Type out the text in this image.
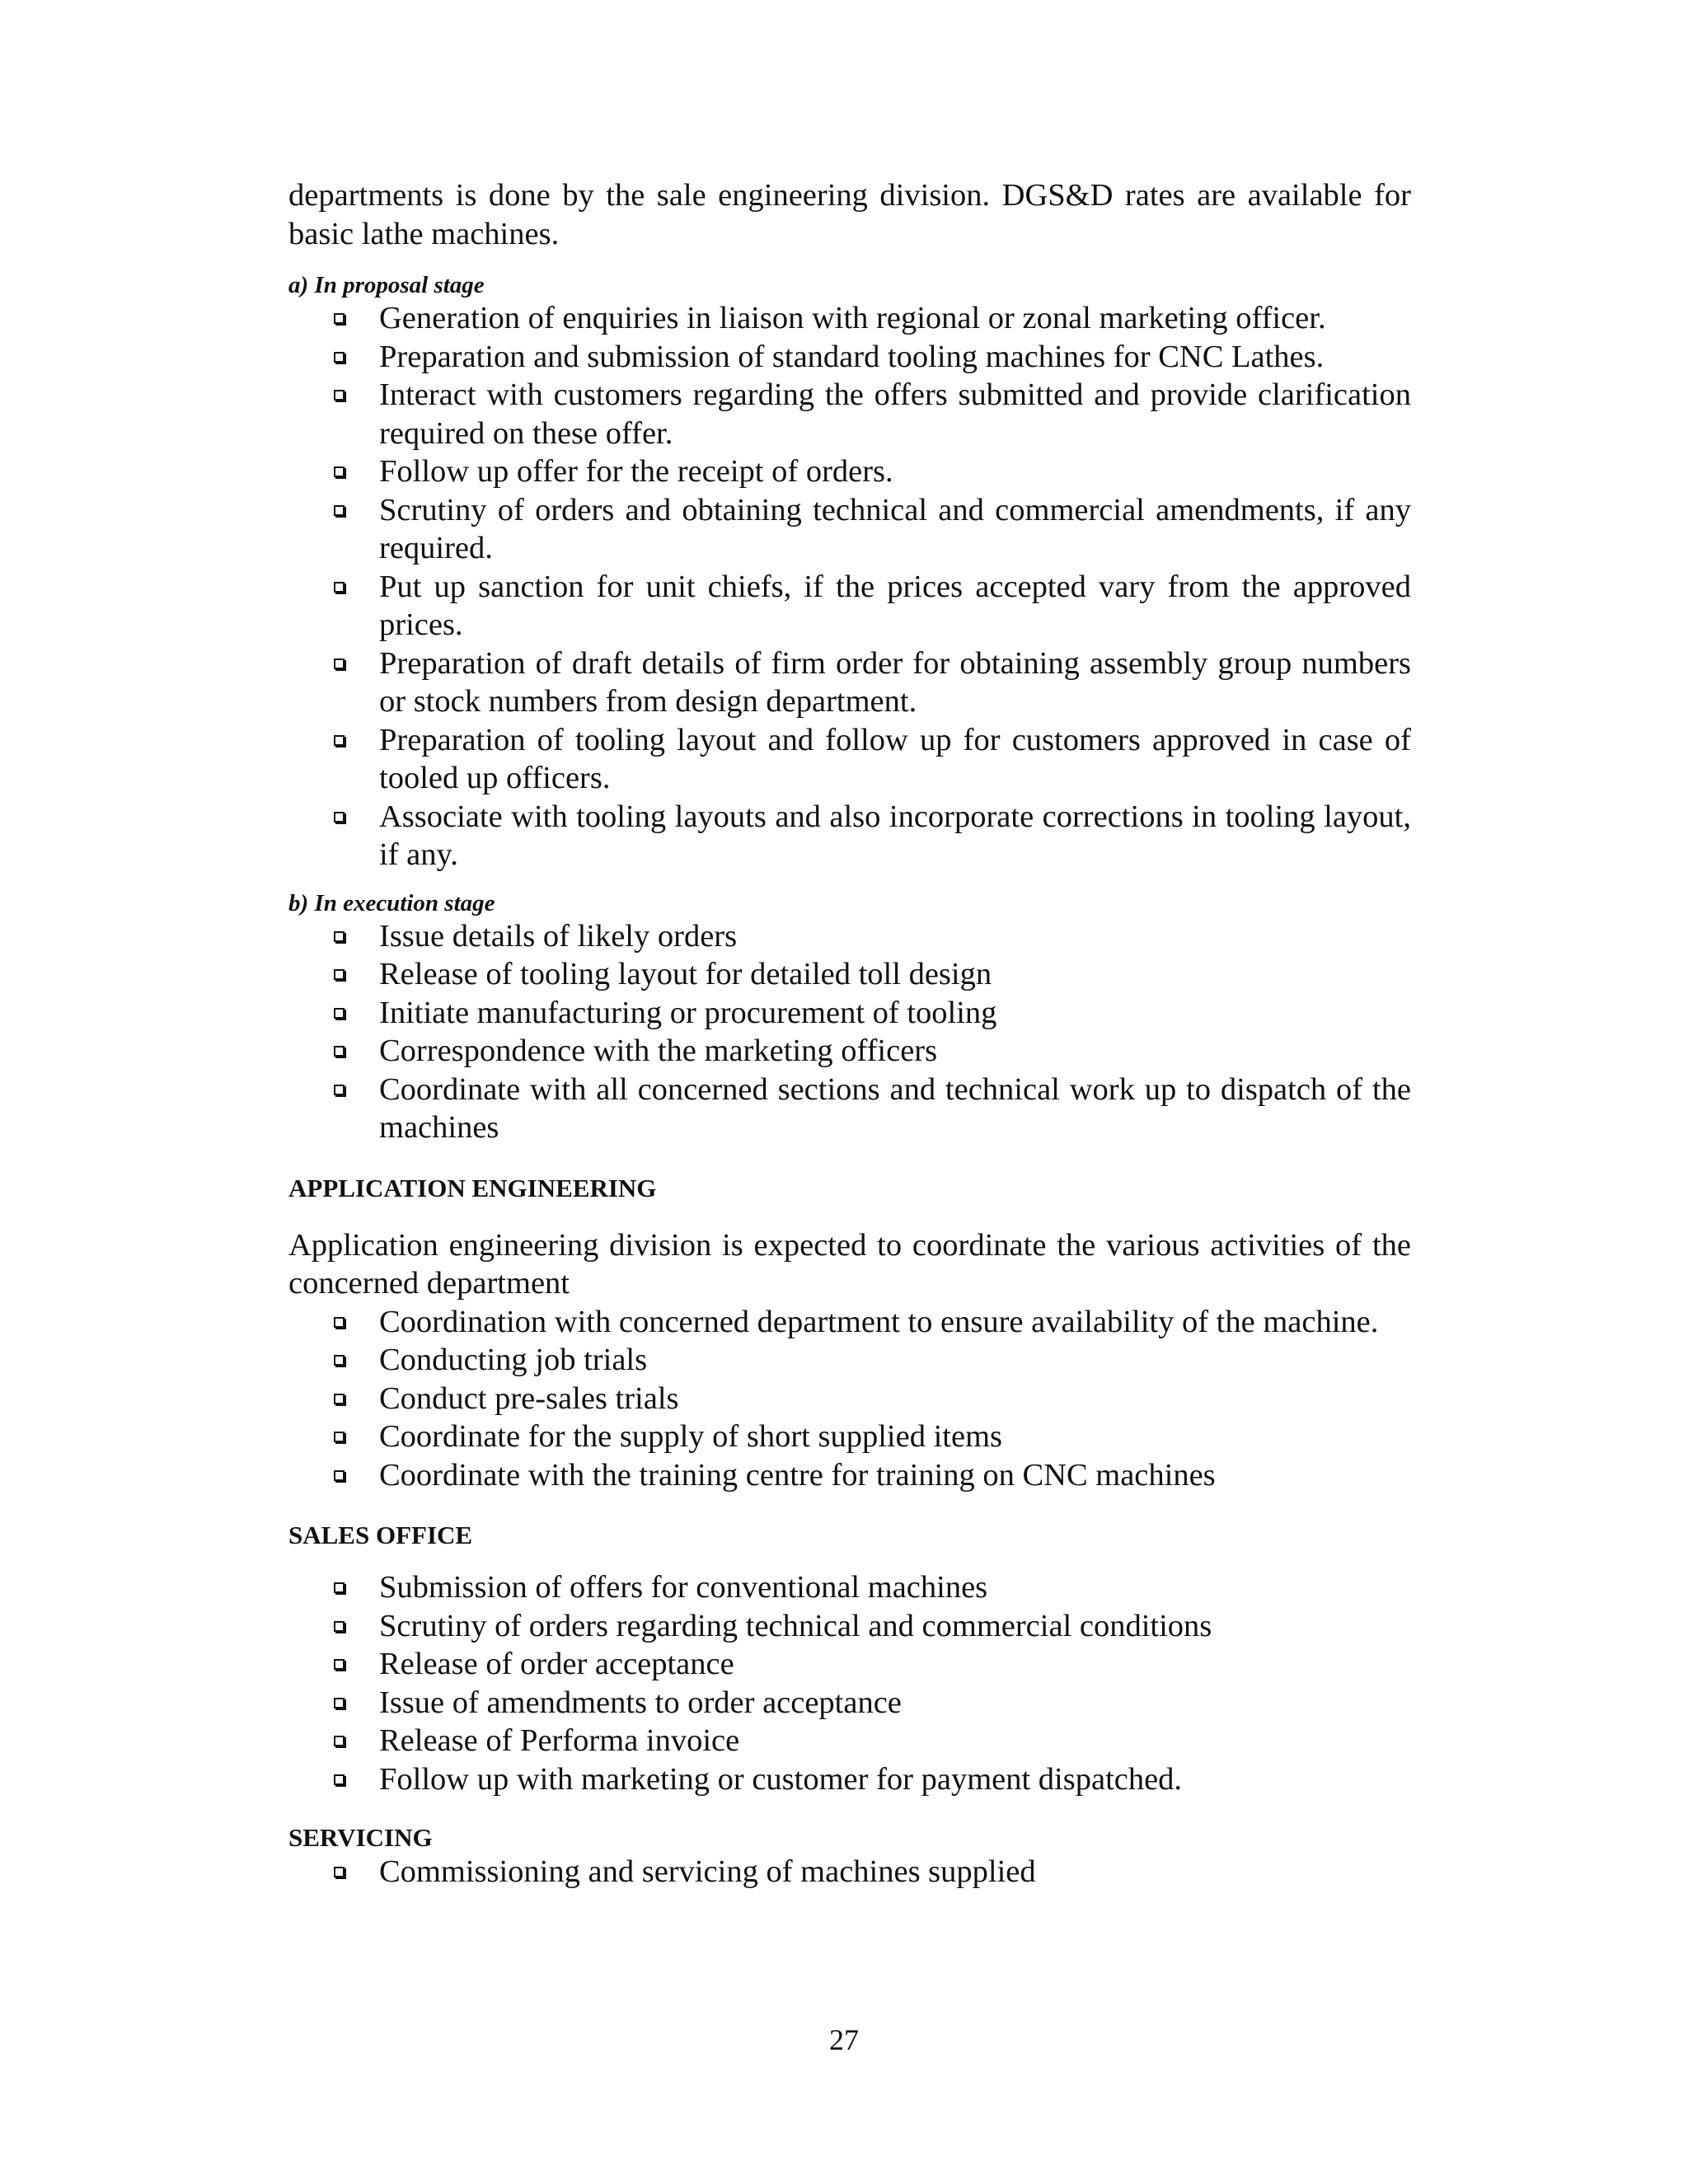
departments is done by the sale engineering division. DGS&D rates are available for basic lathe machines.

a) In proposal stage

Generation of enquiries in liaison with regional or zonal marketing officer.
Preparation and submission of standard tooling machines for CNC Lathes.
Interact with customers regarding the offers submitted and provide clarification required on these offer.
Follow up offer for the receipt of orders.
Scrutiny of orders and obtaining technical and commercial amendments, if any required.
Put up sanction for unit chiefs, if the prices accepted vary from the approved prices.
Preparation of draft details of firm order for obtaining assembly group numbers or stock numbers from design department.
Preparation of tooling layout and follow up for customers approved in case of tooled up officers.
Associate with tooling layouts and also incorporate corrections in tooling layout, if any.

b) In execution stage

Issue details of likely orders
Release of tooling layout for detailed toll design
Initiate manufacturing or procurement of tooling
Correspondence with the marketing officers
Coordinate with all concerned sections and technical work up to dispatch of the machines

APPLICATION ENGINEERING

Application engineering division is expected to coordinate the various activities of the concerned department

Coordination with concerned department to ensure availability of the machine.
Conducting job trials
Conduct pre-sales trials
Coordinate for the supply of short supplied items
Coordinate with the training centre for training on CNC machines

SALES OFFICE

Submission of offers for conventional machines
Scrutiny of orders regarding technical and commercial conditions
Release of order acceptance
Issue of amendments to order acceptance
Release of Performa invoice
Follow up with marketing or customer for payment dispatched.

SERVICING

Commissioning and servicing of machines supplied
27
